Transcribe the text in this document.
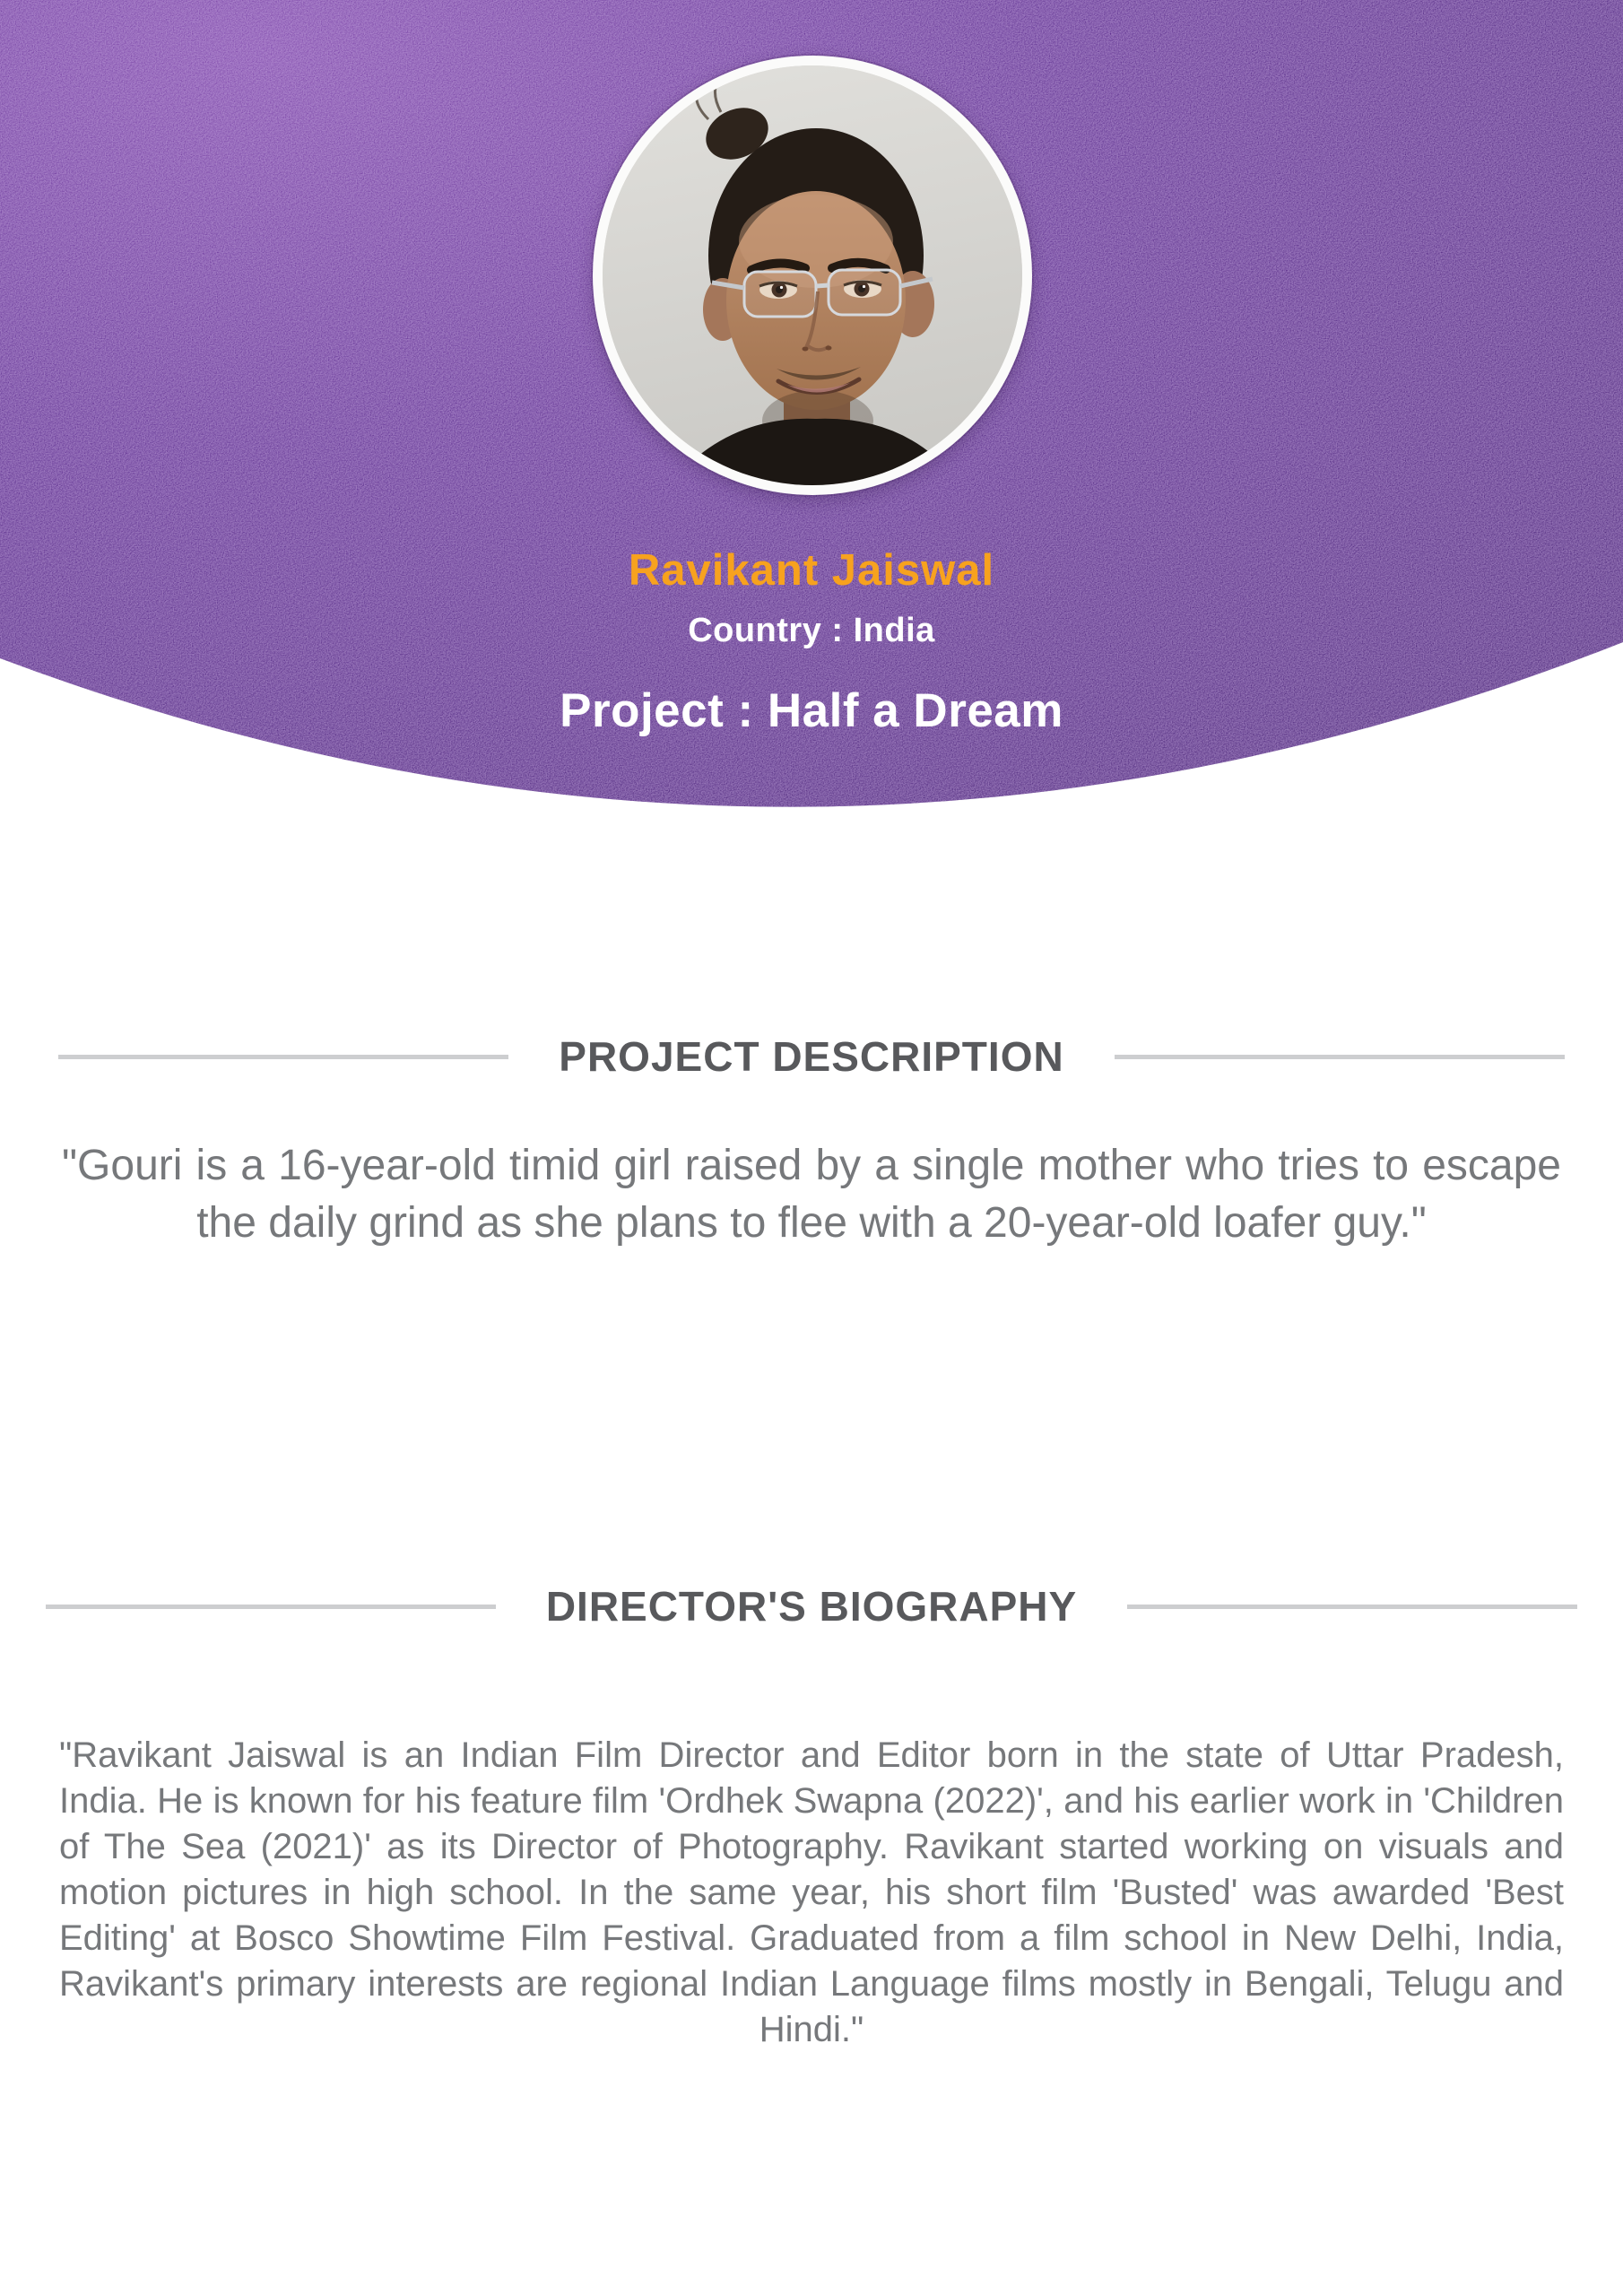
Ravikant Jaiswal
Country : India
Project : Half a Dream
PROJECT DESCRIPTION

"Gouri is a 16-year-old timid girl raised by a single mother who tries to escape the daily grind as she plans to flee with a 20-year-old loafer guy."

DIRECTOR'S BIOGRAPHY

"Ravikant Jaiswal is an Indian Film Director and Editor born in the state of Uttar Pradesh, India. He is known for his feature film 'Ordhek Swapna (2022)', and his earlier work in 'Children of The Sea (2021)' as its Director of Photography. Ravikant started working on visuals and motion pictures in high school. In the same year, his short film 'Busted' was awarded 'Best Editing' at Bosco Showtime Film Festival. Graduated from a film school in New Delhi, India, Ravikant's primary interests are regional Indian Language films mostly in Bengali, Telugu and Hindi."
